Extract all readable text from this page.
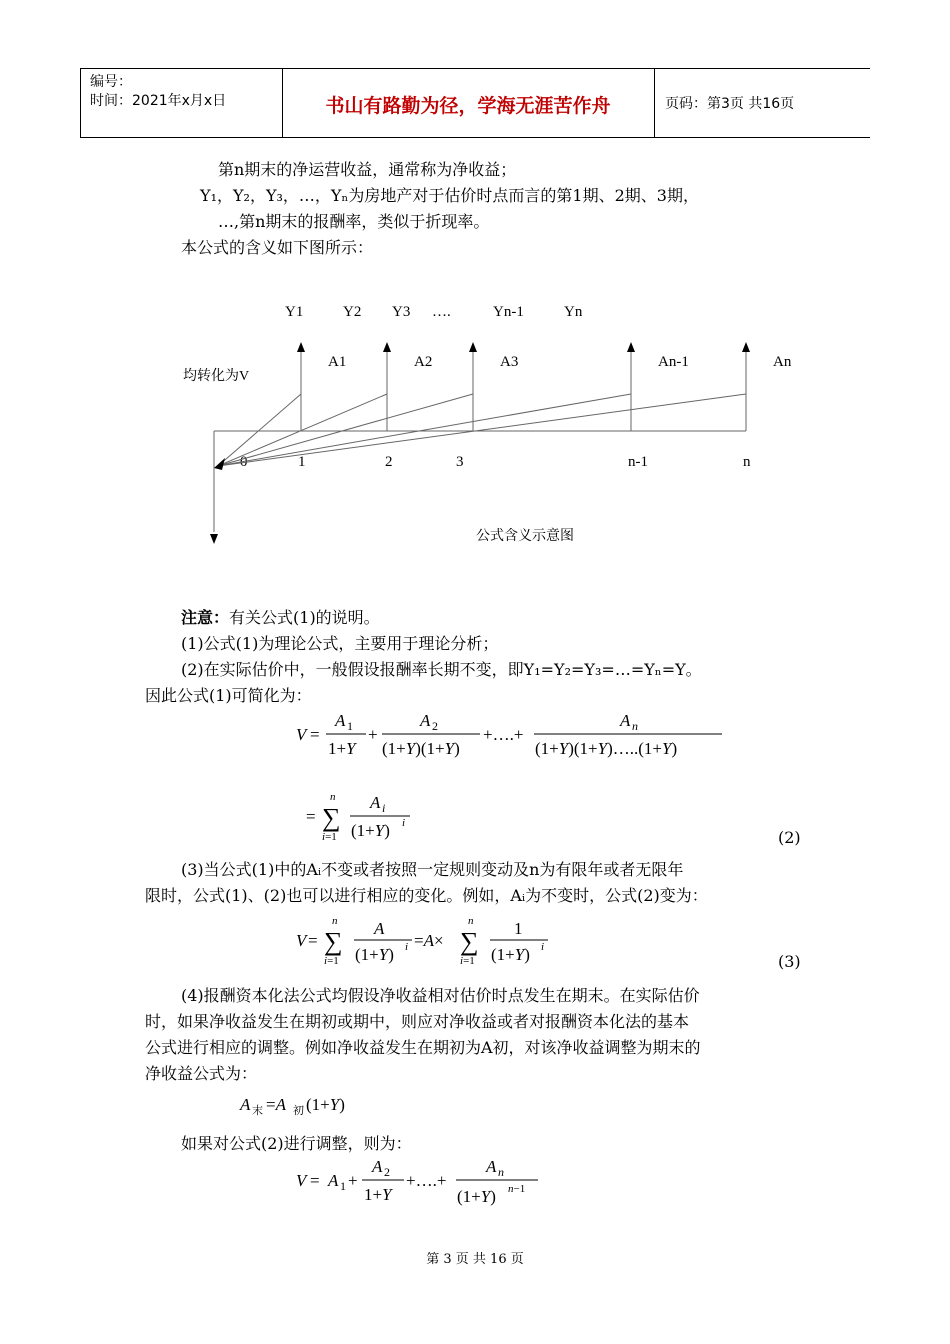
编号：
时间：2021年x月x日	书山有路勤为径，学海无涯苦作舟	页码：第3页 共16页
第n期末的净运营收益，通常称为净收益；
Y₁，Y₂，Y₃，…，Yₙ为房地产对于估价时点而言的第1期、2期、3期，
…,第n期末的报酬率，类似于折现率。
本公式的含义如下图所示：
Y1	Y2 Y3 ….	Yn-1	Yn
A1	A2	A3	An-1	An
0	1	2	3	n-1	n
均转化为V
公式含义示意图
注意：有关公式(1)的说明。
(1)公式(1)为理论公式，主要用于理论分析；
(2)在实际估价中，一般假设报酬率长期不变，即Y₁=Y₂=Y₃=…=Yₙ=Y。
因此公式(1)可简化为：
V =
A 1
1+Y
+
A 2
(1+Y)(1+Y)
+….+
A n
(1+Y)(1+Y)…..(1+Y)
= ∑
n
i=1
A i
(1+Y) i
(2)
(3)当公式(1)中的Aᵢ不变或者按照一定规则变动及n为有限年或者无限年
限时，公式(1)、(2)也可以进行相应的变化。例如，Aᵢ为不变时，公式(2)变为：
V = ∑
n
i=1
A
(1+Y) i =A× ∑
n
i=1
1
(1+Y) i
(3)
(4)报酬资本化法公式均假设净收益相对估价时点发生在期末。在实际估价
时，如果净收益发生在期初或期中，则应对净收益或者对报酬资本化法的基本
公式进行相应的调整。例如净收益发生在期初为A初，对该净收益调整为期末的
净收益公式为：
A 末 =A 初 (1+Y)
如果对公式(2)进行调整，则为：
V = A 1 +
A 2
1+Y
+….+
A n
(1+Y) n−1
第 3 页 共 16 页
